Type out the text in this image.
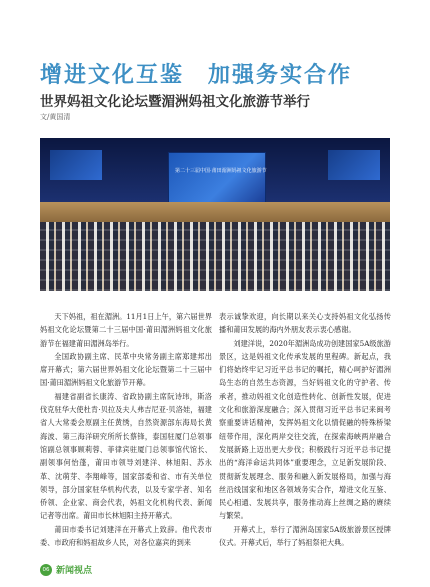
增进文化互鉴　加强务实合作
世界妈祖文化论坛暨湄洲妈祖文化旅游节举行
文/黄国清
第二十三届中国·莆田湄洲妈祖文化旅游节

天下妈祖，祖在湄洲。11月1日上午，第六届世界妈祖文化论坛暨第二十三届中国·莆田湄洲妈祖文化旅游节在福建莆田湄洲岛举行。

全国政协副主席、民革中央常务副主席郑建邦出席开幕式；第六届世界妈祖文化论坛暨第二十三届中国·莆田湄洲妈祖文化旅游节开幕。

福建省副省长康涛、省政协副主席阮诗玮，斯洛伐克驻华大使杜肯·贝拉及夫人弗吉尼亚·贝洛娃，福建省人大常委会原副主任黄绣，自然资源部东海局长黄海波、第三海洋研究所所长蔡锋，泰国驻厦门总领事馆副总领事顾莉蓉、菲律宾驻厦门总领事馆代馆长、副领事何怡蓬，莆田市领导刘建洋、林旭阳、苏永革、沈萌芽、李翔峰等，国家部委和省、市有关单位领导，部分国家驻华机构代表，以及专家学者、知名侨领、企业家、商会代表，妈祖文化机构代表、新闻记者等出席。莆田市长林旭阳主持开幕式。

莆田市委书记刘建洋在开幕式上致辞。他代表市委、市政府和妈祖故乡人民，对各位嘉宾的到来

表示诚挚欢迎，向长期以来关心支持妈祖文化弘扬传播和莆田发展的海内外朋友表示衷心感谢。

刘建洋说，2020年湄洲岛成功创建国家5A级旅游景区，这是妈祖文化传承发展的里程碑。新起点，我们将始终牢记习近平总书记的嘱托，精心呵护好湄洲岛生态的自然生态资源，当好妈祖文化的守护者、传承者，推动妈祖文化创造性转化、创新性发展，促进文化和旅游深度融合；深入贯彻习近平总书记来闽考察重要讲话精神，发挥妈祖文化以情促融的特殊桥梁纽带作用，深化两岸交往交流，在探索海峡两岸融合发展新路上迈出更大步伐；积极践行习近平总书记提出的“海洋命运共同体”重要理念，立足新发展阶段、贯彻新发展理念、服务和融入新发展格局，加强与海丝沿线国家和地区各领域务实合作，增进文化互鉴、民心相通、发展共享，服务推动海上丝绸之路的赓续与繁荣。

开幕式上，举行了湄洲岛国家5A级旅游景区授牌仪式。开幕式后，举行了妈祖祭祀大典。

06 新闻视点
